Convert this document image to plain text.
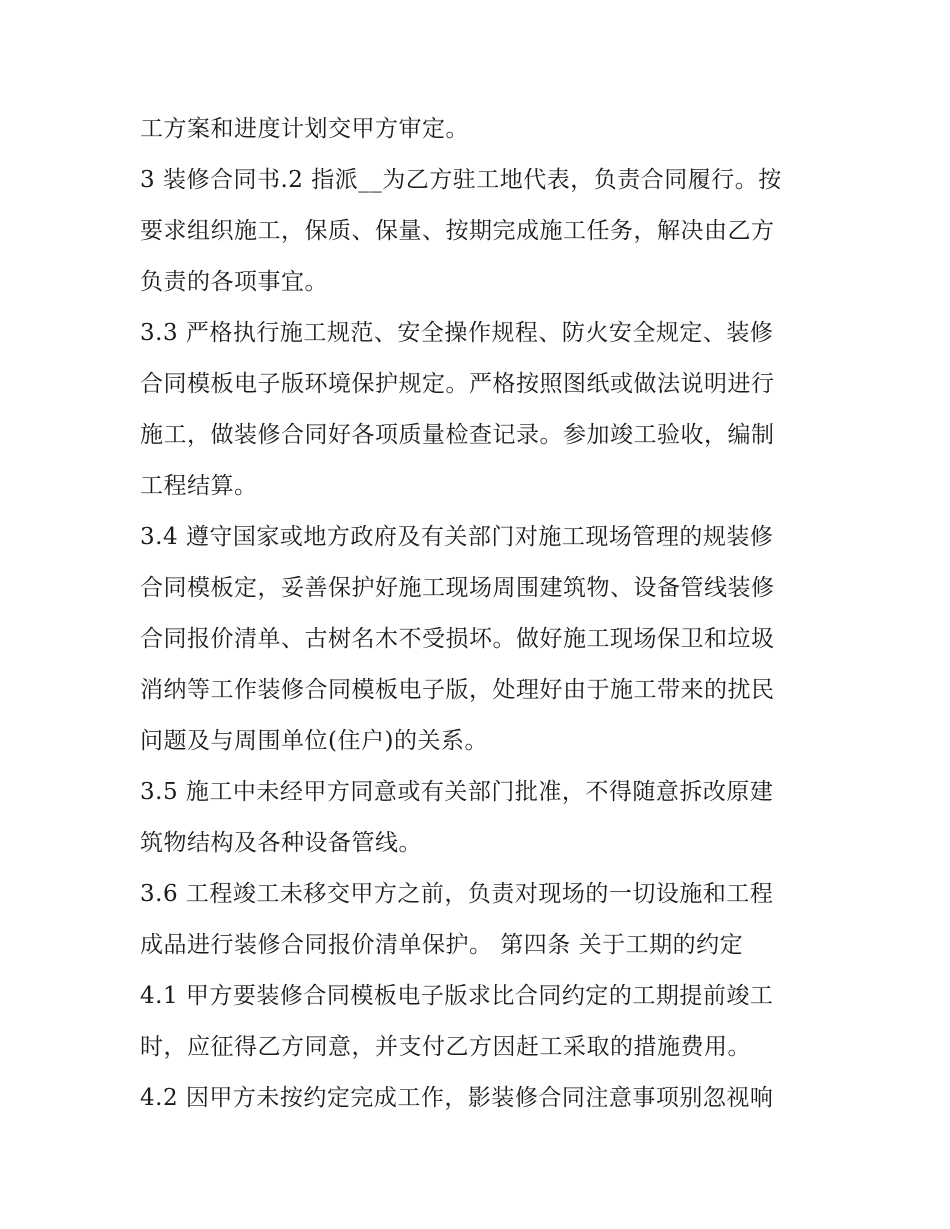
工方案和进度计划交甲方审定。
3 装修合同书.2 指派__为乙方驻工地代表，负责合同履行。按
要求组织施工，保质、保量、按期完成施工任务，解决由乙方
负责的各项事宜。
3.3 严格执行施工规范、安全操作规程、防火安全规定、装修
合同模板电子版环境保护规定。严格按照图纸或做法说明进行
施工，做装修合同好各项质量检查记录。参加竣工验收，编制
工程结算。
3.4 遵守国家或地方政府及有关部门对施工现场管理的规装修
合同模板定，妥善保护好施工现场周围建筑物、设备管线装修
合同报价清单、古树名木不受损坏。做好施工现场保卫和垃圾
消纳等工作装修合同模板电子版，处理好由于施工带来的扰民
问题及与周围单位(住户)的关系。
3.5 施工中未经甲方同意或有关部门批准，不得随意拆改原建
筑物结构及各种设备管线。
3.6 工程竣工未移交甲方之前，负责对现场的一切设施和工程
成品进行装修合同报价清单保护。 第四条 关于工期的约定
4.1 甲方要装修合同模板电子版求比合同约定的工期提前竣工
时，应征得乙方同意，并支付乙方因赶工采取的措施费用。
4.2 因甲方未按约定完成工作，影装修合同注意事项别忽视响
